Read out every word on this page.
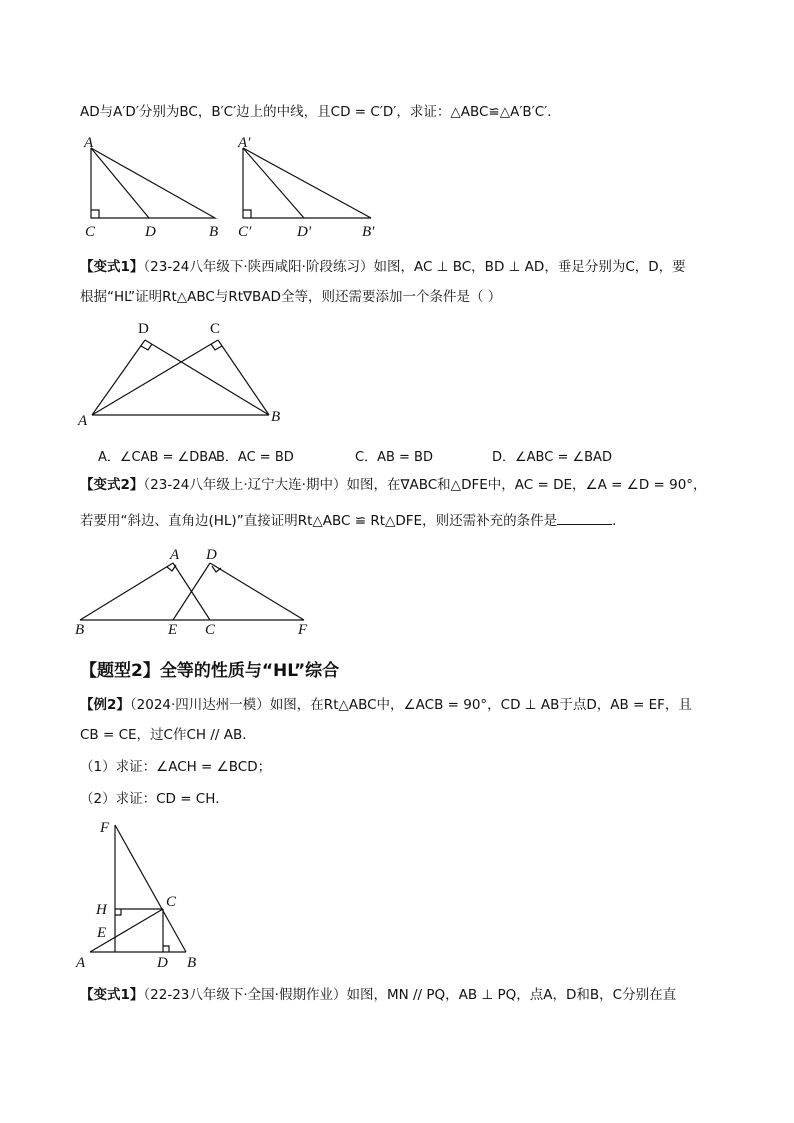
AD与A′D′分别为BC，B′C′边上的中线，且CD = C′D′，求证：△ABC≌△A′B′C′．
A
C	D	B
A′
C′	D′	B′
【变式1】（23-24八年级下·陕西咸阳·阶段练习）如图，AC ⊥ BC，BD ⊥ AD，垂足分别为C，D，要
根据“HL”证明Rt△ABC与Rt∇BAD全等，则还需要添加一个条件是（ ）
D	C
A	B
A．∠CAB = ∠DBA
B．AC = BD	C．AB = BD	D．∠ABC = ∠BAD
【变式2】（23-24八年级上·辽宁大连·期中）如图，在∇ABC和△DFE中，AC = DE，∠A = ∠D = 90°，
若要用“斜边、直角边(HL)”直接证明Rt△ABC ≌ Rt△DFE，则还需补充的条件是	．
A D
B	E C	F
【题型2】全等的性质与“HL”综合
【例2】（2024·四川达州一模）如图，在Rt△ABC中，∠ACB = 90°，CD ⊥ AB于点D，AB = EF，且
CB = CE，过C作CH // AB．
（1）求证：∠ACH = ∠BCD；
（2）求证：CD = CH．
F
H	C
E
A	D B
【变式1】（22-23八年级下·全国·假期作业）如图，MN // PQ，AB ⊥ PQ，点A，D和B，C分别在直
